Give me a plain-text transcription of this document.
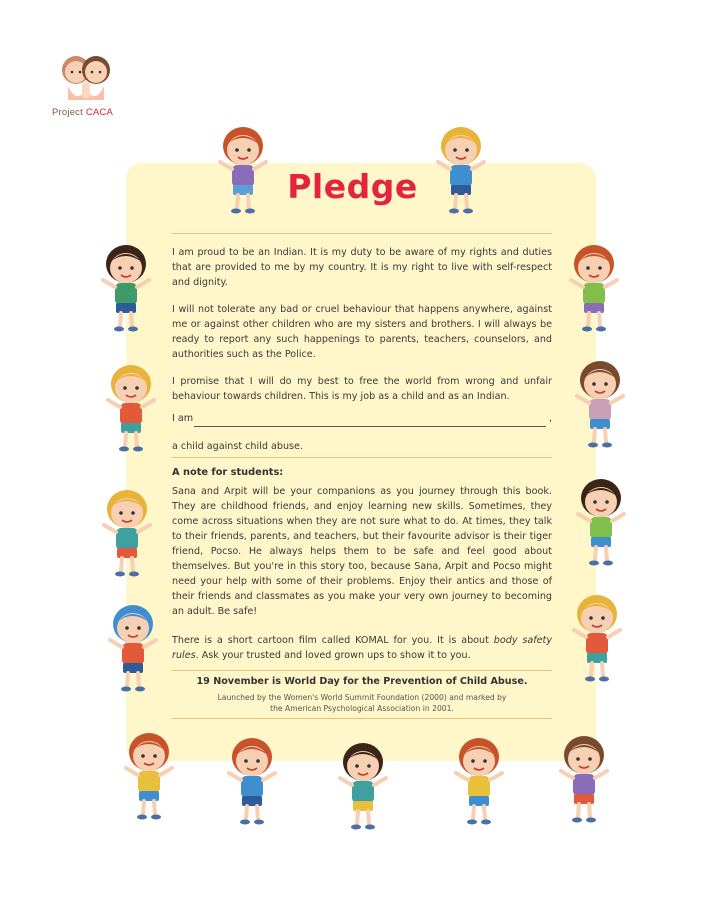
Project CACA
Pledge
I am proud to be an Indian. It is my duty to be aware of my rights and duties that are provided to me by my country. It is my right to live with self-respect and dignity.
I will not tolerate any bad or cruel behaviour that happens anywhere, against me or against other children who are my sisters and brothers. I will always be ready to report any such happenings to parents, teachers, counselors, and authorities such as the Police.
I promise that I will do my best to free the world from wrong and unfair behaviour towards children. This is my job as a child and as an Indian.
I am	,
a child against child abuse.
A note for students:
Sana and Arpit will be your companions as you journey through this book. They are childhood friends, and enjoy learning new skills. Sometimes, they come across situations when they are not sure what to do. At times, they talk to their friends, parents, and teachers, but their favourite advisor is their tiger friend, Pocso. He always helps them to be safe and feel good about themselves. But you're in this story too, because Sana, Arpit and Pocso might need your help with some of their problems. Enjoy their antics and those of their friends and classmates as you make your very own journey to becoming an adult. Be safe!
There is a short cartoon film called KOMAL for you. It is about body safety rules. Ask your trusted and loved grown ups to show it to you.
19 November is World Day for the Prevention of Child Abuse.
Launched by the Women's World Summit Foundation (2000) and marked by
the American Psychological Association in 2001.
